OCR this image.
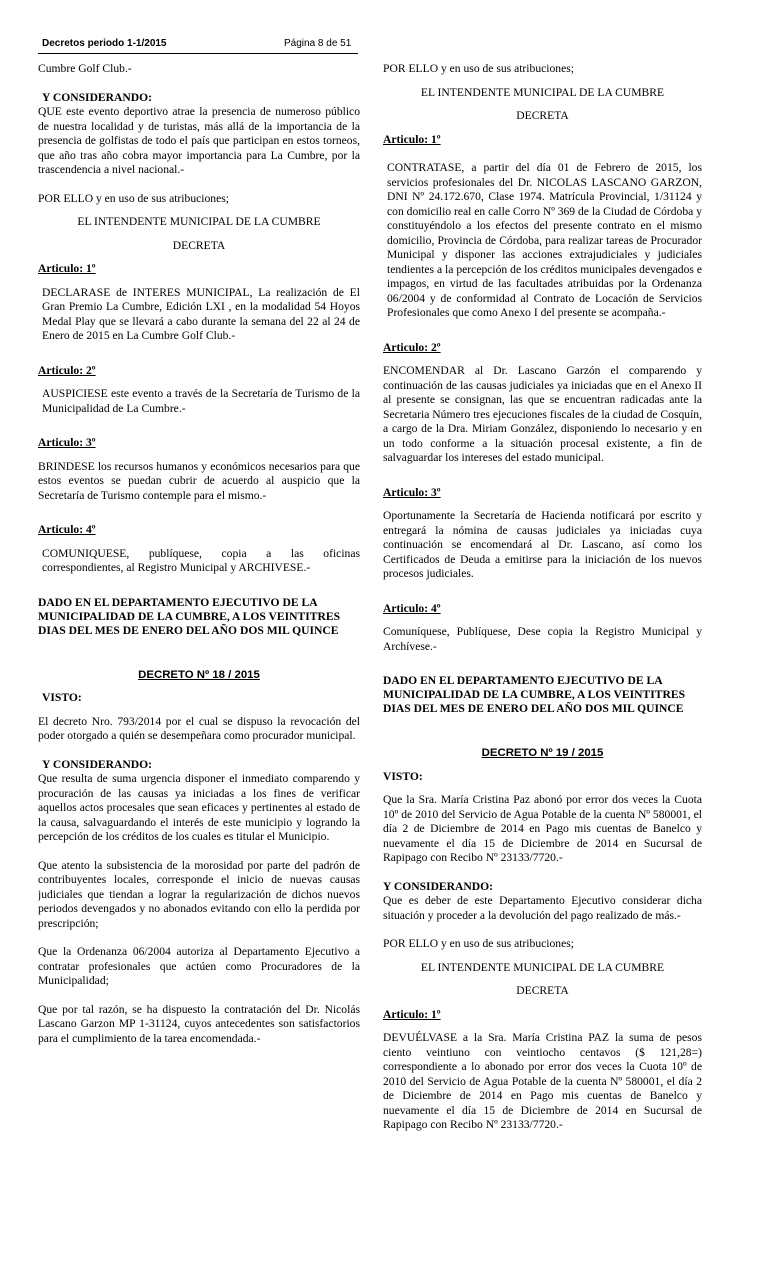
Decretos periodo 1-1/2015	Página 8 de 51

Cumbre Golf Club.-

Y CONSIDERANDO:

QUE este evento deportivo atrae la presencia de numeroso público de nuestra localidad y de turistas, más allá de la importancia de la presencia de golfistas de todo el país que participan en estos torneos, que año tras año cobra mayor importancia para La Cumbre, por la trascendencia a nivel nacional.-

POR ELLO y en uso de sus atribuciones;

EL INTENDENTE MUNICIPAL DE LA CUMBRE

DECRETA

Articulo: 1º

DECLARASE de INTERES MUNICIPAL, La realización de El Gran Premio La Cumbre, Edición LXI , en la modalidad 54 Hoyos Medal Play que se llevará a cabo durante la semana del 22 al 24 de Enero de 2015 en La Cumbre Golf Club.-

Articulo: 2º

AUSPICIESE este evento a través de la Secretaría de Turismo de la Municipalidad de La Cumbre.-

Articulo: 3º

BRINDESE los recursos humanos y económicos necesarios para que estos eventos se puedan cubrir de acuerdo al auspicio que la Secretaría de Turismo contemple para el mismo.-

Articulo: 4º

COMUNIQUESE, publíquese, copia a las oficinas correspondientes, al Registro Municipal y ARCHIVESE.-

DADO EN EL DEPARTAMENTO EJECUTIVO DE LA MUNICIPALIDAD DE LA CUMBRE, A LOS VEINTITRES DIAS DEL MES DE ENERO DEL AÑO DOS MIL QUINCE

DECRETO Nº 18 / 2015

VISTO:

El decreto Nro. 793/2014 por el cual se dispuso la revocación del poder otorgado a quién se desempeñara como procurador municipal.

Y CONSIDERANDO:

Que resulta de suma urgencia disponer el inmediato comparendo y procuración de las causas ya iniciadas a los fines de verificar aquellos actos procesales que sean eficaces y pertinentes al estado de la causa, salvaguardando el interés de este municipio y logrando la percepción de los créditos de los cuales es titular el Municipio.

Que atento la subsistencia de la morosidad por parte del padrón de contribuyentes locales, corresponde el inicio de nuevas causas judiciales que tiendan a lograr la regularización de dichos nuevos periodos devengados y no abonados evitando con ello la perdida por prescripción;

Que la Ordenanza 06/2004 autoriza al Departamento Ejecutivo a contratar profesionales que actúen como Procuradores de la Municipalidad;

Que por tal razón, se ha dispuesto la contratación del Dr. Nicolás Lascano Garzon MP 1-31124, cuyos antecedentes son satisfactorios para el cumplimiento de la tarea encomendada.-

POR ELLO y en uso de sus atribuciones;

EL INTENDENTE MUNICIPAL DE LA CUMBRE

DECRETA

Articulo: 1º

CONTRATASE, a partir del día 01 de Febrero de 2015, los servicios profesionales del Dr. NICOLAS LASCANO GARZON, DNI Nº 24.172.670, Clase 1974. Matrícula Provincial, 1/31124 y con domicilio real en calle Corro Nº 369 de la Ciudad de Córdoba y constituyéndolo a los efectos del presente contrato en el mismo domicilio, Provincia de Córdoba, para realizar tareas de Procurador Municipal y disponer las acciones extrajudiciales y judiciales tendientes a la percepción de los créditos municipales devengados e impagos, en virtud de las facultades atribuidas por la Ordenanza 06/2004 y de conformidad al Contrato de Locación de Servicios Profesionales que como Anexo I del presente se acompaña.-

Articulo: 2º

ENCOMENDAR al Dr. Lascano Garzón el comparendo y continuación de las causas judiciales ya iniciadas que en el Anexo II al presente se consignan, las que se encuentran radicadas ante la Secretaria Número tres ejecuciones fiscales de la ciudad de Cosquín, a cargo de la Dra. Miriam González, disponiendo lo necesario y en un todo conforme a la situación procesal existente, a fin de salvaguardar los intereses del estado municipal.

Articulo: 3º

Oportunamente la Secretaría de Hacienda notificará por escrito y entregará la nómina de causas judiciales ya iniciadas cuya continuación se encomendará al Dr. Lascano, así como los Certificados de Deuda a emitirse para la iniciación de los nuevos procesos judiciales.

Articulo: 4º

Comuníquese, Publíquese, Dese copia la Registro Municipal y Archívese.-

DADO EN EL DEPARTAMENTO EJECUTIVO DE LA MUNICIPALIDAD DE LA CUMBRE, A LOS VEINTITRES DIAS DEL MES DE ENERO DEL AÑO DOS MIL QUINCE

DECRETO Nº 19 / 2015

VISTO:

Que la Sra. María Cristina Paz abonó por error dos veces la Cuota 10º de 2010 del Servicio de Agua Potable de la cuenta Nº 580001, el día 2 de Diciembre de 2014 en Pago mis cuentas de Banelco y nuevamente el día 15 de Diciembre de 2014 en Sucursal de Rapipago con Recibo Nº 23133/7720.-

Y CONSIDERANDO:

Que es deber de este Departamento Ejecutivo considerar dicha situación y proceder a la devolución del pago realizado de más.-

POR ELLO y en uso de sus atribuciones;

EL INTENDENTE MUNICIPAL DE LA CUMBRE

DECRETA

Articulo: 1º

DEVUÉLVASE a la Sra. María Cristina PAZ la suma de pesos ciento veintiuno con veintiocho centavos ($ 121,28=) correspondiente a lo abonado por error dos veces la Cuota 10º de 2010 del Servicio de Agua Potable de la cuenta Nº 580001, el día 2 de Diciembre de 2014 en Pago mis cuentas de Banelco y nuevamente el día 15 de Diciembre de 2014 en Sucursal de Rapipago con Recibo Nº 23133/7720.-
